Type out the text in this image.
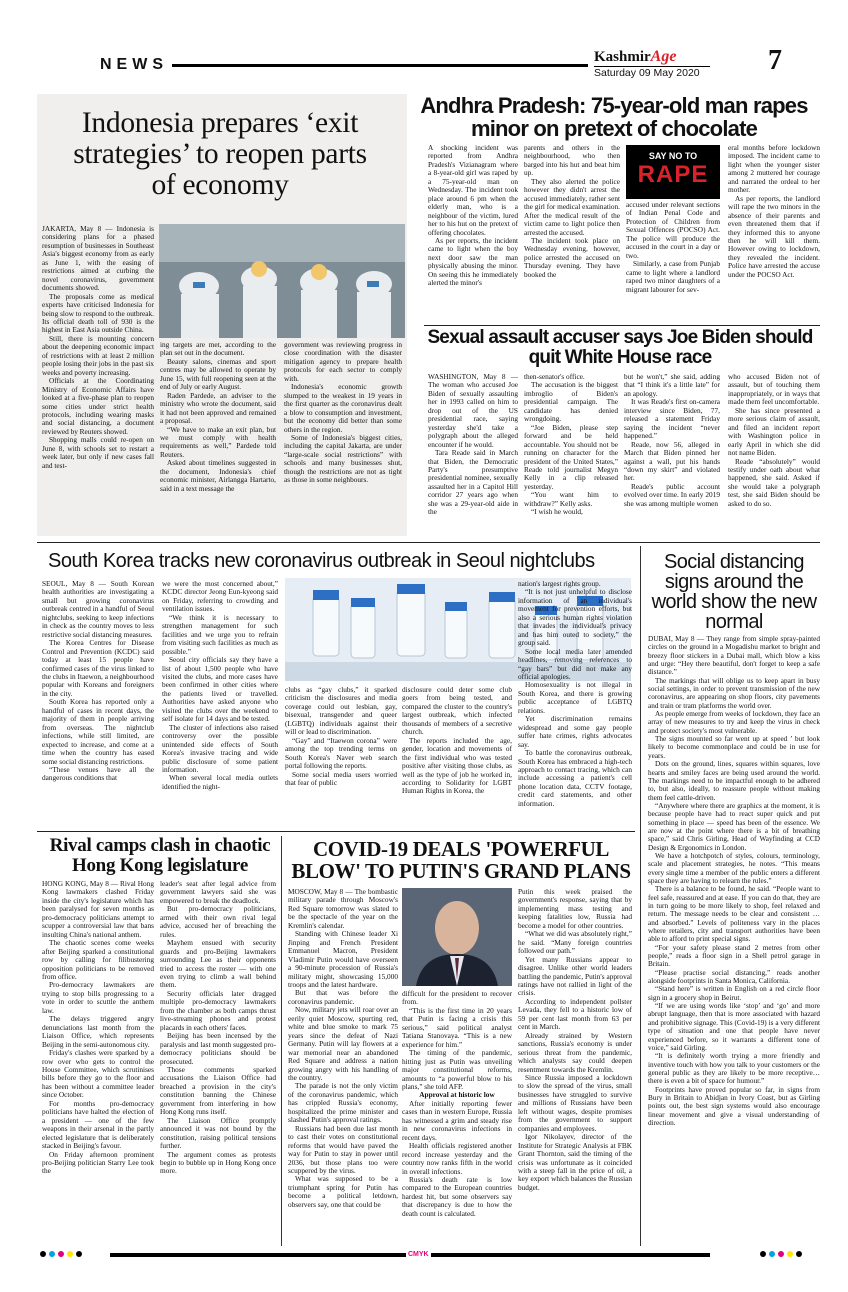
NEWS	KashmirAge
Saturday 09 May 2020 7
Indonesia prepares ‘exit strategies’ to reopen parts of economy

JAKARTA, May 8 — Indonesia is considering plans for a phased resumption of businesses in Southeast Asia's biggest economy from as early as June 1, with the easing of restrictions aimed at curbing the novel coronavirus, government documents showed.

The proposals come as medical experts have criticised Indonesia for being slow to respond to the outbreak. Its official death toll of 930 is the highest in East Asia outside China.

Still, there is mounting concern about the deepening economic impact of restrictions with at least 2 million people losing their jobs in the past six weeks and poverty increasing.

Officials at the Coordinating Ministry of Economic Affairs have looked at a five-phase plan to reopen some cities under strict health protocols, including wearing masks and social distancing, a document reviewed by Reuters showed.

Shopping malls could re-open on June 8, with schools set to restart a week later, but only if new cases fall and test-

ing targets are met, according to the plan set out in the document.

Beauty salons, cinemas and sport centres may be allowed to operate by June 15, with full reopening seen at the end of July or early August.

Raden Pardede, an adviser to the ministry who wrote the document, said it had not been approved and remained a proposal.

“We have to make an exit plan, but we must comply with health requirements as well,” Pardede told Reuters.

Asked about timelines suggested in the document, Indonesia's chief economic minister, Airlangga Hartarto, said in a text message the

government was reviewing progress in close coordination with the disaster mitigation agency to prepare health protocols for each sector to comply with.

Indonesia's economic growth slumped to the weakest in 19 years in the first quarter as the coronavirus dealt a blow to consumption and investment, but the economy did better than some others in the region.

Some of Indonesia's biggest cities, including the capital Jakarta, are under “large-scale social restrictions” with schools and many businesses shut, though the restrictions are not as tight as those in some neighbours.

Andhra Pradesh: 75-year-old man rapes minor on pretext of chocolate

A shocking incident was reported from Andhra Pradesh's Vizianagram where a 8-year-old girl was raped by a 75-year-old man on Wednesday. The incident took place around 6 pm when the elderly man, who is a neighbour of the victim, lured her to his hut on the pretext of offering chocolates.

As per reports, the incident came to light when the boy next door saw the man physically abusing the minor. On seeing this he immediately alerted the minor's

parents and others in the neighbourhood, who then barged into his hut and beat him up.

They also alerted the police however they didn't arrest the accused immediately, rather sent the girl for medical examination. After the medical result of the victim came to light police then arrested the accused.

The incident took place on Wednesday evening, however, police arrested the accused on Thursday evening. They have booked the

SAY NO TO
RAPE

accused under relevant sections of Indian Penal Code and Protection of Children from Sexual Offences (POCSO) Act. The police will produce the accused in the court in a day or two.

Similarly, a case from Punjab came to light where a landlord raped two minor daughters of a migrant labourer for sev-

eral months before lockdown imposed. The incident came to light when the younger sister among 2 muttered her courage and narrated the ordeal to her mother.

As per reports, the landlord will rape the two minors in the absence of their parents and even threatened them that if they informed this to anyone then he will kill them. However owing to lockdown, they revealed the incident. Police have arrested the accuse under the POCSO Act.

Sexual assault accuser says Joe Biden should quit White House race

WASHINGTON, May 8 — The woman who accused Joe Biden of sexually assaulting her in 1993 called on him to drop out of the US presidential race, saying yesterday she'd take a polygraph about the alleged encounter if he would.

Tara Reade said in March that Biden, the Democratic Party's presumptive presidential nominee, sexually assaulted her in a Capitol Hill corridor 27 years ago when she was a 29-year-old aide in the

then-senator's office.

The accusation is the biggest imbroglio of Biden's presidential campaign. The candidate has denied wrongdoing.

“Joe Biden, please step forward and be held accountable. You should not be running on character for the president of the United States,” Reade told journalist Megyn Kelly in a clip released yesterday.

“You want him to withdraw?” Kelly asks.

“I wish he would,

but he won't,” she said, adding that “I think it's a little late” for an apology.

It was Reade's first on-camera interview since Biden, 77, released a statement Friday saying the incident “never happened.”

Reade, now 56, alleged in March that Biden pinned her against a wall, put his hands “down my skirt” and violated her.

Reade's public account evolved over time. In early 2019 she was among multiple women

who accused Biden not of assault, but of touching them inappropriately, or in ways that made them feel uncomfortable.

She has since presented a more serious claim of assault, and filed an incident report with Washington police in early April in which she did not name Biden.

Reade “absolutely” would testify under oath about what happened, she said. Asked if she would take a polygraph test, she said Biden should be asked to do so.

South Korea tracks new coronavirus outbreak in Seoul nightclubs

SEOUL, May 8 — South Korean health authorities are investigating a small but growing coronavirus outbreak centred in a handful of Seoul nightclubs, seeking to keep infections in check as the country moves to less restrictive social distancing measures.

The Korea Centres for Disease Control and Prevention (KCDC) said today at least 15 people have confirmed cases of the virus linked to the clubs in Itaewon, a neighbourhood popular with Koreans and foreigners in the city.

South Korea has reported only a handful of cases in recent days, the majority of them in people arriving from overseas. The nightclub infections, while still limited, are expected to increase, and come at a time when the country has eased some social distancing restrictions.

“These venues have all the dangerous conditions that

we were the most concerned about,” KCDC director Jeong Eun-kyeong said on Friday, referring to crowding and ventilation issues.

“We think it is necessary to strengthen management for such facilities and we urge you to refrain from visiting such facilities as much as possible.”

Seoul city officials say they have a list of about 1,500 people who have visited the clubs, and more cases have been confirmed in other cities where the patients lived or travelled. Authorities have asked anyone who visited the clubs over the weekend to self isolate for 14 days and be tested.

The cluster of infections also raised controversy over the possible unintended side effects of South Korea's invasive tracing and wide public disclosure of some patient information.

When several local media outlets identified the night-

clubs as “gay clubs,” it sparked criticism the disclosures and media coverage could out lesbian, gay, bisexual, transgender and queer (LGBTQ) individuals against their will or lead to discrimination.

“Gay” and “Itaewon corona” were among the top trending terms on South Korea's Naver web search portal following the reports.

Some social media users worried that fear of public

disclosure could deter some club goers from being tested, and compared the cluster to the country's largest outbreak, which infected thousands of members of a secretive church.

The reports included the age, gender, location and movements of the first individual who was tested positive after visiting those clubs, as well as the type of job he worked in, according to Solidarity for LGBT Human Rights in Korea, the

nation's largest rights group.

“It is not just unhelpful to disclose information of an individual's movement for prevention efforts, but also a serious human rights violation that invades the individual's privacy and has him outed to society,” the group said.

Some local media later amended headlines, removing references to “gay bars” but did not make any official apologies.

Homosexuality is not illegal in South Korea, and there is growing public acceptance of LGBTQ relations.

Yet discrimination remains widespread and some gay people suffer hate crimes, rights advocates say.

To battle the coronavirus outbreak, South Korea has embraced a high-tech approach to contact tracing, which can include accessing a patient's cell phone location data, CCTV footage, credit card statements, and other information.

Social distancing signs around the world show the new normal

DUBAI, May 8 — They range from simple spray-painted circles on the ground in a Mogadishu market to bright and breezy floor stickers in a Dubai mall, which blow a kiss and urge: “Hey there beautiful, don't forget to keep a safe distance.”

The markings that will oblige us to keep apart in busy social settings, in order to prevent transmission of the new coronavirus, are appearing on shop floors, city pavements and train or tram platforms the world over.

As people emerge from weeks of lockdown, they face an array of new measures to try and keep the virus in check and protect society's most vulnerable.

The signs mounted so far went up at speed ’ but look likely to become commonplace and could be in use for years.

Dots on the ground, lines, squares within squares, love hearts and smiley faces are being used around the world. The markings need to be impactful enough to be adhered to, but also, ideally, to reassure people without making them feel cattle-driven.

“Anywhere where there are graphics at the moment, it is because people have had to react super quick and put something in place — speed has been of the essence. We are now at the point where there is a bit of breathing space,” said Chris Girling, Head of Wayfinding at CCD Design & Ergonomics in London.

We have a hotchpotch of styles, colours, terminology, scale and placement strategies, he notes. “This means every single time a member of the public enters a different space they are having to relearn the rules.”

There is a balance to be found, he said. “People want to feel safe, reassured and at ease. If you can do that, they are in turn going to be more likely to shop, feel relaxed and return. The message needs to be clear and consistent … and absorbed.” Levels of politeness vary in the places where retailers, city and transport authorities have been able to afford to print special signs.

“For your safety please stand 2 metres from other people,” reads a floor sign in a Shell petrol garage in Britain.

“Please practise social distancing,” reads another alongside footprints in Santa Monica, California.

“Stand here” is written in English on a red circle floor sign in a grocery shop in Beirut.

“If we are using words like ‘stop’ and ‘go’ and more abrupt language, then that is more associated with hazard and prohibitive signage. This (Covid-19) is a very different type of situation and one that people have never experienced before, so it warrants a different tone of voice,” said Girling.

“It is definitely worth trying a more friendly and inventive touch with how you talk to your customers or the general public as they are likely to be more receptive… there is even a bit of space for humour.”

Footprints have proved popular so far, in signs from Bury in Britain to Abidjan in Ivory Coast, but as Girling points out, the best sign systems would also encourage linear movement and give a visual understanding of direction.

Rival camps clash in chaotic Hong Kong legislature

HONG KONG, May 8 — Rival Hong Kong lawmakers clashed Friday inside the city's legislature which has been paralysed for seven months as pro-democracy politicians attempt to scupper a controversial law that bans insulting China's national anthem.

The chaotic scenes come weeks after Beijing sparked a constitutional row by calling for filibustering opposition politicians to be removed from office.

Pro-democracy lawmakers are trying to stop bills progressing to a vote in order to scuttle the anthem law.

The delays triggered angry denunciations last month from the Liaison Office, which represents Beijing in the semi-autonomous city.

Friday's clashes were sparked by a row over who gets to control the House Committee, which scrutinises bills before they go to the floor and has been without a committee leader since October.

For months pro-democracy politicians have halted the election of a president — one of the few weapons in their arsenal in the partly elected legislature that is deliberately stacked in Beijing's favour.

On Friday afternoon prominent pro-Beijing politician Starry Lee took the

leader's seat after legal advice from government lawyers said she was empowered to break the deadlock.

But pro-democracy politicians, armed with their own rival legal advice, accused her of breaching the rules.

Mayhem ensued with security guards and pro-Beijing lawmakers surrounding Lee as their opponents tried to access the roster — with one even trying to climb a wall behind them.

Security officials later dragged multiple pro-democracy lawmakers from the chamber as both camps thrust live-streaming phones and protest placards in each others' faces.

Beijing has been incensed by the paralysis and last month suggested pro-democracy politicians should be prosecuted.

Those comments sparked accusations the Liaison Office had breached a provision in the city's constitution banning the Chinese government from interfering in how Hong Kong runs itself.

The Liaison Office promptly announced it was not bound by the constitution, raising political tensions further.

The argument comes as protests begin to bubble up in Hong Kong once more.

COVID-19 DEALS 'POWERFUL BLOW' TO PUTIN'S GRAND PLANS

MOSCOW, May 8 — The bombastic military parade through Moscow's Red Square tomorrow was slated to be the spectacle of the year on the Kremlin's calendar.

Standing with Chinese leader Xi Jinping and French President Emmanuel Macron, President Vladimir Putin would have overseen a 90-minute procession of Russia's military might, showcasing 15,000 troops and the latest hardware.

But that was before the coronavirus pandemic.

Now, military jets will roar over an eerily quiet Moscow, spurting red, white and blue smoke to mark 75 years since the defeat of Nazi Germany. Putin will lay flowers at a war memorial near an abandoned Red Square and address a nation growing angry with his handling of the country.

The parade is not the only victim of the coronavirus pandemic, which has crippled Russia's economy, hospitalized the prime minister and slashed Putin's approval ratings.

Russians had been due last month to cast their votes on constitutional reforms that would have paved the way for Putin to stay in power until 2036, but those plans too were scuppered by the virus.

What was supposed to be a triumphant spring for Putin has become a political letdown, observers say, one that could be

difficult for the president to recover from.

“This is the first time in 20 years that Putin is facing a crisis this serious,” said political analyst Tatiana Stanovaya. “This is a new experience for him.”

The timing of the pandemic, hitting just as Putin was unveiling major constitutional reforms, amounts to “a powerful blow to his plans,” she told AFP.

Approval at historic low

After initially reporting fewer cases than in western Europe, Russia has witnessed a grim and steady rise in new coronavirus infections in recent days.

Health officials registered another record increase yesterday and the country now ranks fifth in the world in overall infections.

Russia's death rate is low compared to the European countries hardest hit, but some observers say that discrepancy is due to how the death count is calculated.

Putin this week praised the government's response, saying that by implementing mass testing and keeping fatalities low, Russia had become a model for other countries.

“What we did was absolutely right,” he said. “Many foreign countries followed our path.”

Yet many Russians appear to disagree. Unlike other world leaders battling the pandemic, Putin's approval ratings have not rallied in light of the crisis.

According to independent pollster Levada, they fell to a historic low of 59 per cent last month from 63 per cent in March.

Already strained by Western sanctions, Russia's economy is under serious threat from the pandemic, which analysts say could deepen resentment towards the Kremlin.

Since Russia imposed a lockdown to slow the spread of the virus, small businesses have struggled to survive and millions of Russians have been left without wages, despite promises from the government to support companies and employees.

Igor Nikolayev, director of the Institute for Strategic Analysis at FBK Grant Thornton, said the timing of the crisis was unfortunate as it coincided with a steep fall in the price of oil, a key export which balances the Russian budget.

CMYK
